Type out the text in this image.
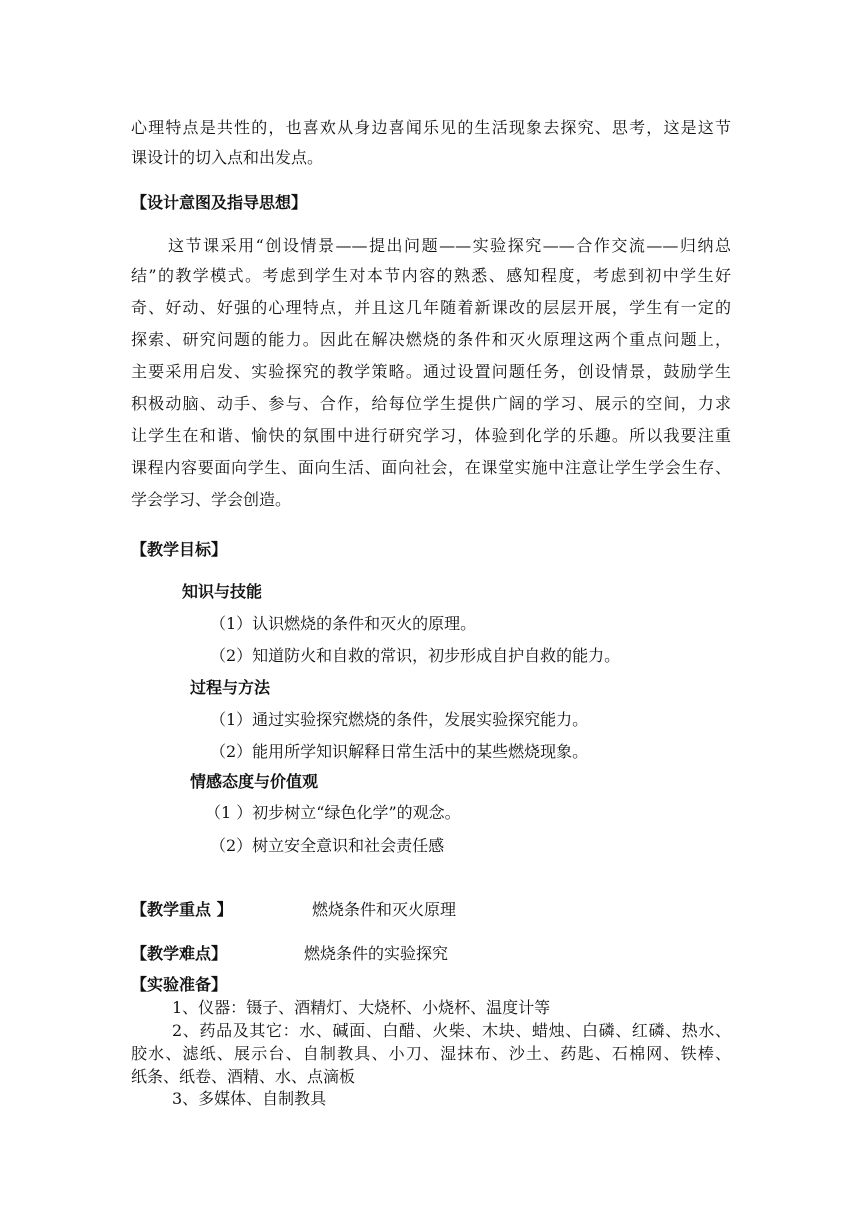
心理特点是共性的，也喜欢从身边喜闻乐见的生活现象去探究、思考，这是这节
课设计的切入点和出发点。
【设计意图及指导思想】
这节课采用“创设情景——提出问题——实验探究——合作交流——归纳总
结”的教学模式。考虑到学生对本节内容的熟悉、感知程度，考虑到初中学生好
奇、好动、好强的心理特点，并且这几年随着新课改的层层开展，学生有一定的
探索、研究问题的能力。因此在解决燃烧的条件和灭火原理这两个重点问题上，
主要采用启发、实验探究的教学策略。通过设置问题任务，创设情景，鼓励学生
积极动脑、动手、参与、合作，给每位学生提供广阔的学习、展示的空间，力求
让学生在和谐、愉快的氛围中进行研究学习，体验到化学的乐趣。所以我要注重
课程内容要面向学生、面向生活、面向社会，在课堂实施中注意让学生学会生存、
学会学习、学会创造。
【教学目标】
知识与技能
（1）认识燃烧的条件和灭火的原理。
（2）知道防火和自救的常识，初步形成自护自救的能力。
过程与方法
（1）通过实验探究燃烧的条件，发展实验探究能力。
（2）能用所学知识解释日常生活中的某些燃烧现象。
情感态度与价值观
（1 ）初步树立“绿色化学”的观念。
（2）树立安全意识和社会责任感
【教学重点 】	燃烧条件和灭火原理
【教学难点】	燃烧条件的实验探究
【实验准备】
1、仪器：镊子、酒精灯、大烧杯、小烧杯、温度计等
2、药品及其它：水、碱面、白醋、火柴、木块、蜡烛、白磷、红磷、热水、
胶水、滤纸、展示台、自制教具、小刀、湿抹布、沙土、药匙、石棉网、铁棒、
纸条、纸卷、酒精、水、点滴板
3、多媒体、自制教具
